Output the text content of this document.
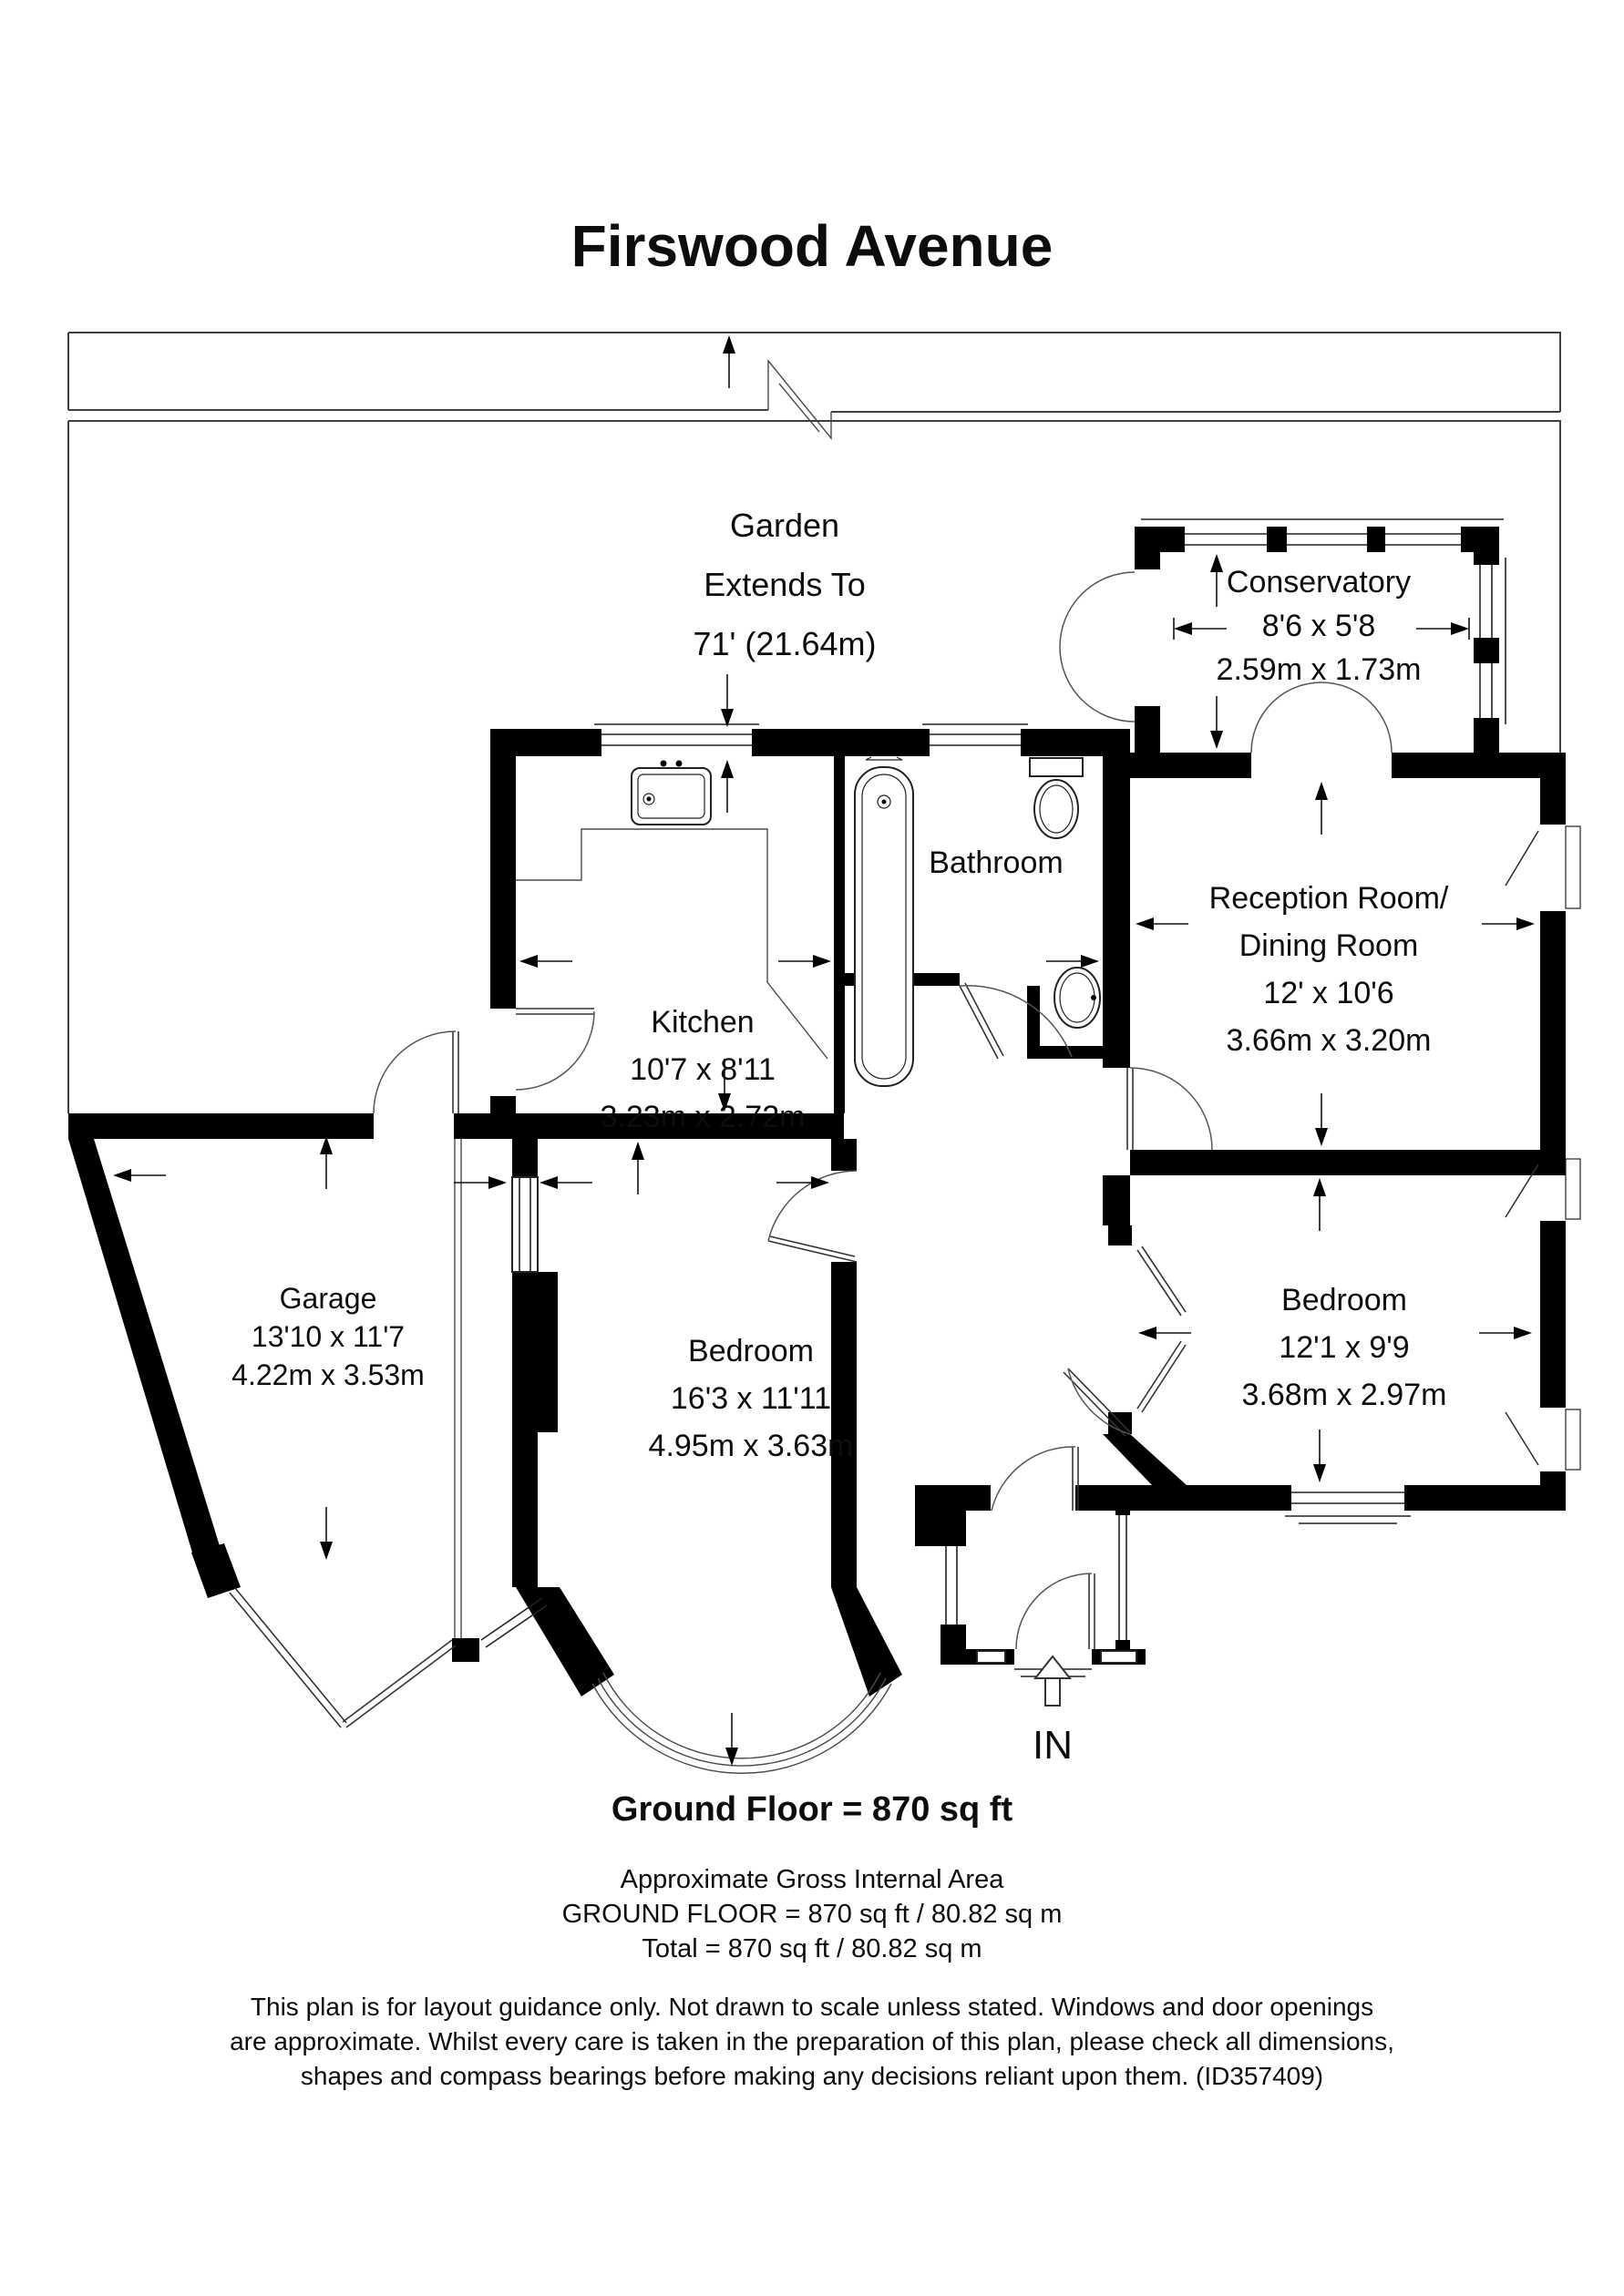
Firswood Avenue
Garden
Extends To
71' (21.64m)
Conservatory
8'6 x 5'8
2.59m x 1.73m
Kitchen
10'7 x 8'11
3.23m x 2.72m
Bathroom
Reception Room/
Dining Room
12' x 10'6
3.66m x 3.20m
Garage
13'10 x 11'7
4.22m x 3.53m
Bedroom
16'3 x 11'11
4.95m x 3.63m
Bedroom
12'1 x 9'9
3.68m x 2.97m
IN
Ground Floor = 870 sq ft
Approximate Gross Internal Area
GROUND FLOOR = 870 sq ft / 80.82 sq m
Total = 870 sq ft / 80.82 sq m
This plan is for layout guidance only. Not drawn to scale unless stated. Windows and door openings
are approximate. Whilst every care is taken in the preparation of this plan, please check all dimensions,
shapes and compass bearings before making any decisions reliant upon them. (ID357409)
